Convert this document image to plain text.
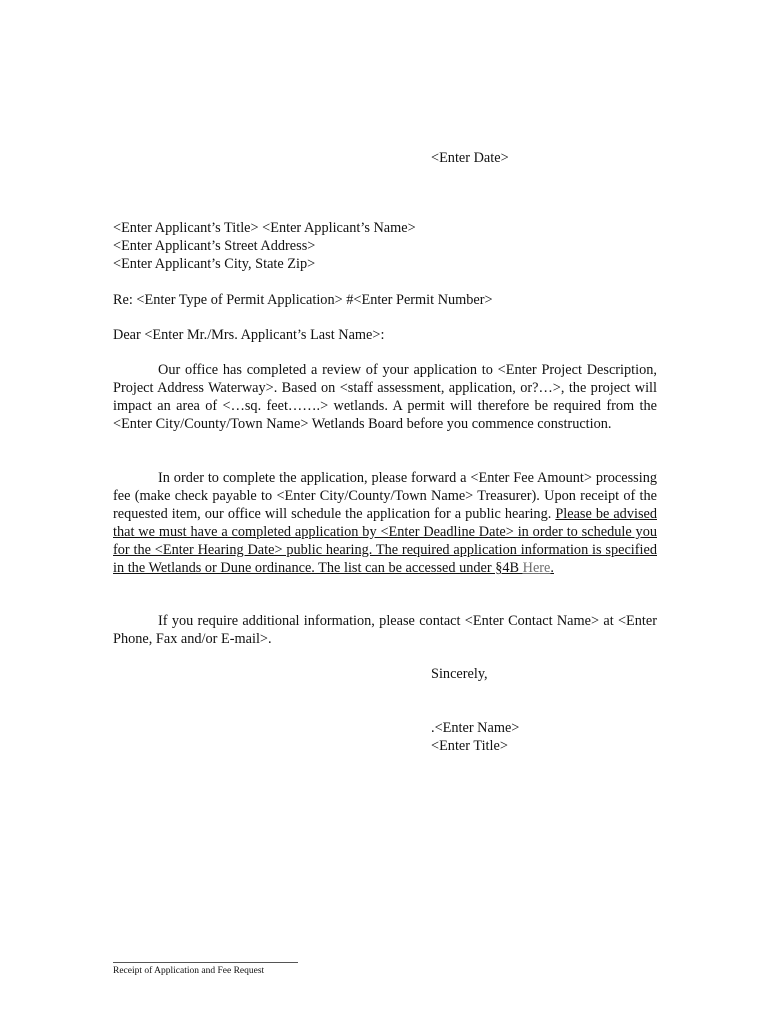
<Enter Date>
<Enter Applicant’s Title> <Enter Applicant’s Name>
<Enter Applicant’s Street Address>
<Enter Applicant’s City, State Zip>
Re: <Enter Type of Permit Application> #<Enter Permit Number>
Dear <Enter Mr./Mrs. Applicant’s Last Name>:

Our office has completed a review of your application to <Enter Project Description, Project Address Waterway>. Based on <staff assessment, application, or?…>, the project will impact an area of <…sq. feet…….> wetlands. A permit will therefore be required from the <Enter City/County/Town Name> Wetlands Board before you commence construction.

In order to complete the application, please forward a <Enter Fee Amount> processing fee (make check payable to <Enter City/County/Town Name> Treasurer). Upon receipt of the requested item, our office will schedule the application for a public hearing. Please be advised that we must have a completed application by <Enter Deadline Date> in order to schedule you for the <Enter Hearing Date> public hearing. The required application information is specified in the Wetlands or Dune ordinance. The list can be accessed under §4B Here.

If you require additional information, please contact <Enter Contact Name> at <Enter Phone, Fax and/or E-mail>.

Sincerely,
.<Enter Name>
<Enter Title>
Receipt of Application and Fee Request
